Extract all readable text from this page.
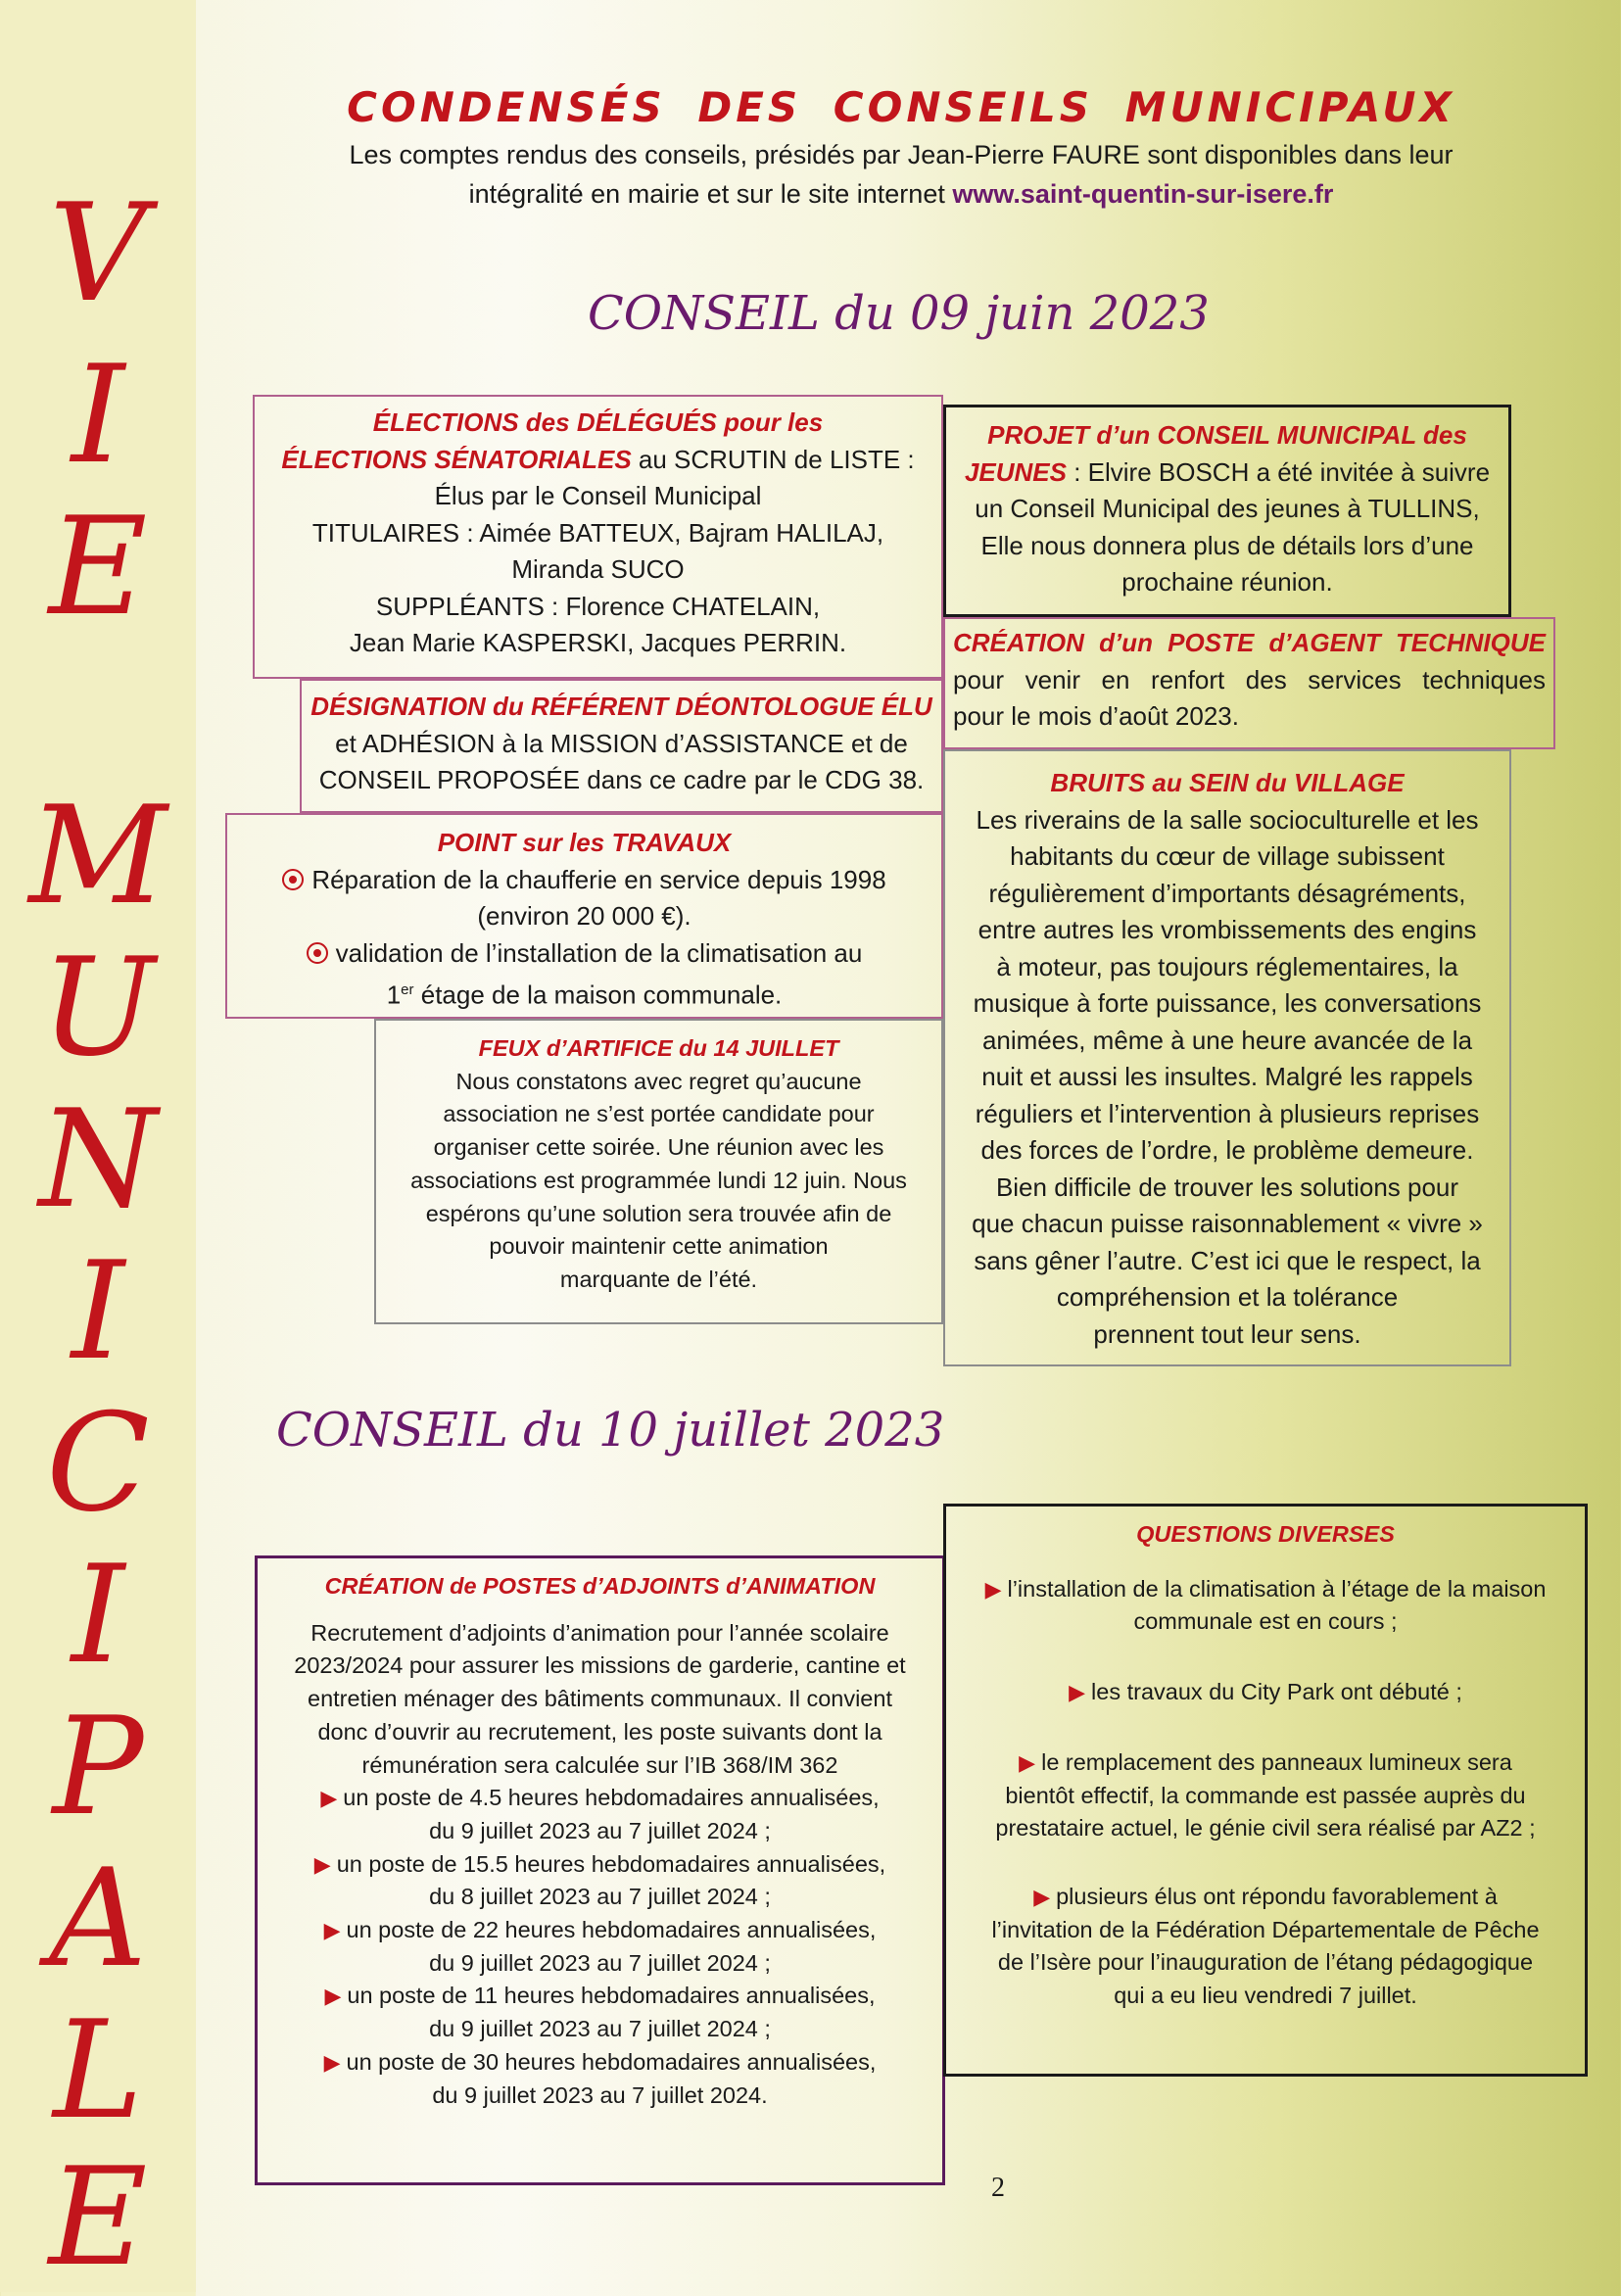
V
I
E
M
U
N
I
C
I
P
A
L
E
CONDENSÉS DES CONSEILS MUNICIPAUX
Les comptes rendus des conseils, présidés par Jean-Pierre FAURE sont disponibles dans leur
intégralité en mairie et sur le site internet www.saint-quentin-sur-isere.fr
CONSEIL du 09 juin 2023
ÉLECTIONS des DÉLÉGUÉS pour les
ÉLECTIONS SÉNATORIALES au SCRUTIN de LISTE :
Élus par le Conseil Municipal
TITULAIRES : Aimée BATTEUX, Bajram HALILAJ,
Miranda SUCO
SUPPLÉANTS : Florence CHATELAIN,
Jean Marie KASPERSKI, Jacques PERRIN.
DÉSIGNATION du RÉFÉRENT DÉONTOLOGUE ÉLU
et ADHÉSION à la MISSION d’ASSISTANCE et de
CONSEIL PROPOSÉE dans ce cadre par le CDG 38.
POINT sur les TRAVAUX
Réparation de la chaufferie en service depuis 1998
(environ 20 000 €).
validation de l’installation de la climatisation au
1er étage de la maison communale.
FEUX d’ARTIFICE du 14 JUILLET
Nous constatons avec regret qu’aucune
association ne s’est portée candidate pour
organiser cette soirée. Une réunion avec les
associations est programmée lundi 12 juin. Nous
espérons qu’une solution sera trouvée afin de
pouvoir maintenir cette animation
marquante de l’été.
PROJET d’un CONSEIL MUNICIPAL des
JEUNES : Elvire BOSCH a été invitée à suivre
un Conseil Municipal des jeunes à TULLINS,
Elle nous donnera plus de détails lors d’une
prochaine réunion.
CRÉATION d’un POSTE d’AGENT TECHNIQUE
pour venir en renfort des services techniques
pour le mois d’août 2023.
BRUITS au SEIN du VILLAGE
Les riverains de la salle socioculturelle et les
habitants du cœur de village subissent
régulièrement d’importants désagréments,
entre autres les vrombissements des engins
à moteur, pas toujours réglementaires, la
musique à forte puissance, les conversations
animées, même à une heure avancée de la
nuit et aussi les insultes. Malgré les rappels
réguliers et l’intervention à plusieurs reprises
des forces de l’ordre, le problème demeure.
Bien difficile de trouver les solutions pour
que chacun puisse raisonnablement « vivre »
sans gêner l’autre. C’est ici que le respect, la
compréhension et la tolérance
prennent tout leur sens.
CONSEIL du 10 juillet 2023
CRÉATION de POSTES d’ADJOINTS d’ANIMATION
Recrutement d’adjoints d’animation pour l’année scolaire
2023/2024 pour assurer les missions de garderie, cantine et
entretien ménager des bâtiments communaux. Il convient
donc d’ouvrir au recrutement, les poste suivants dont la
rémunération sera calculée sur l’IB 368/IM 362
▶ un poste de 4.5 heures hebdomadaires annualisées,
du 9 juillet 2023 au 7 juillet 2024 ;
▶ un poste de 15.5 heures hebdomadaires annualisées,
du 8 juillet 2023 au 7 juillet 2024 ;
▶ un poste de 22 heures hebdomadaires annualisées,
du 9 juillet 2023 au 7 juillet 2024 ;
▶ un poste de 11 heures hebdomadaires annualisées,
du 9 juillet 2023 au 7 juillet 2024 ;
▶ un poste de 30 heures hebdomadaires annualisées,
du 9 juillet 2023 au 7 juillet 2024.
QUESTIONS DIVERSES
▶ l’installation de la climatisation à l’étage de la maison
communale est en cours ;
▶ les travaux du City Park ont débuté ;
▶ le remplacement des panneaux lumineux sera
bientôt effectif, la commande est passée auprès du
prestataire actuel, le génie civil sera réalisé par AZ2 ;
▶ plusieurs élus ont répondu favorablement à
l’invitation de la Fédération Départementale de Pêche
de l’Isère pour l’inauguration de l’étang pédagogique
qui a eu lieu vendredi 7 juillet.
2
